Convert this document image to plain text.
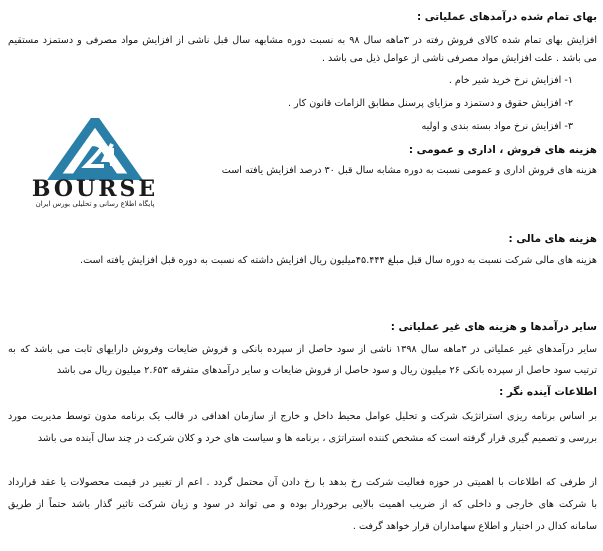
بهای تمام شده درآمدهای عملیاتی :
افزایش بهای تمام شده کالای فروش رفته در ۳ماهه سال ۹۸ به نسبت دوره مشابهه سال قبل ناشی از افزایش مواد مصرفی و دستمزد مستقیم
می باشد . علت افزایش مواد مصرفی ناشی از عوامل ذیل می باشد .
۱- افزایش نرخ خرید شیر خام .
۲- افزایش حقوق و دستمزد و مزایای پرسنل مطابق الزامات قانون کار .
۳- افزایش نرخ مواد بسته بندی و اولیه
هزینه های فروش ، اداری و عمومی :
هزینه های فروش اداری و عمومی نسبت به دوره مشابه سال قبل ۳۰ درصد افزایش یافته است
هزینه های مالی :
هزینه های مالی شرکت نسبت به دوره سال قبل مبلغ ۴۵.۴۴۴میلیون ریال افزایش داشته که نسبت به دوره قبل افزایش یافته است.
سایر درآمدها و هزینه های غیر عملیاتی :
سایر درآمدهای غیر عملیاتی در ۳ماهه سال ۱۳۹۸ ناشی از سود حاصل از سپرده بانکی و فروش ضایعات وفروش دارایهای ثابت می باشد که به
ترتیب سود حاصل از سپرده بانکی ۲۶ میلیون ریال و سود حاصل از فروش ضایعات و سایر درآمدهای متفرقه ۲.۶۵۳ میلیون ریال می باشد
اطلاعات آینده نگر :
بر اساس برنامه ریزی استراتژیک شرکت و تحلیل عوامل محیط داخل و خارج از سازمان اهدافی در قالب یک برنامه مدون توسط مدیریت مورد
بررسی و تصمیم گیری قرار گرفته است که مشخص کننده استراتژی ، برنامه ها و سیاست های خرد و کلان شرکت در چند سال آینده می باشد
از طرفی که اطلاعات با اهمیتی در حوزه فعالیت شرکت رخ بدهد با رخ دادن آن محتمل گردد . اعم از تغییر در قیمت محصولات یا عقد قرارداد
با شرکت های خارجی و داخلی که از ضریب اهمیت بالایی برخوردار بوده و می تواند در سود و زیان شرکت تاثیر گذار باشد حتماً از طریق
سامانه کدال در اختیار و اطلاع سهامداران قرار خواهد گرفت .
BOURSE
پایگاه اطلاع رسانی و تحلیلی بورس ایران
